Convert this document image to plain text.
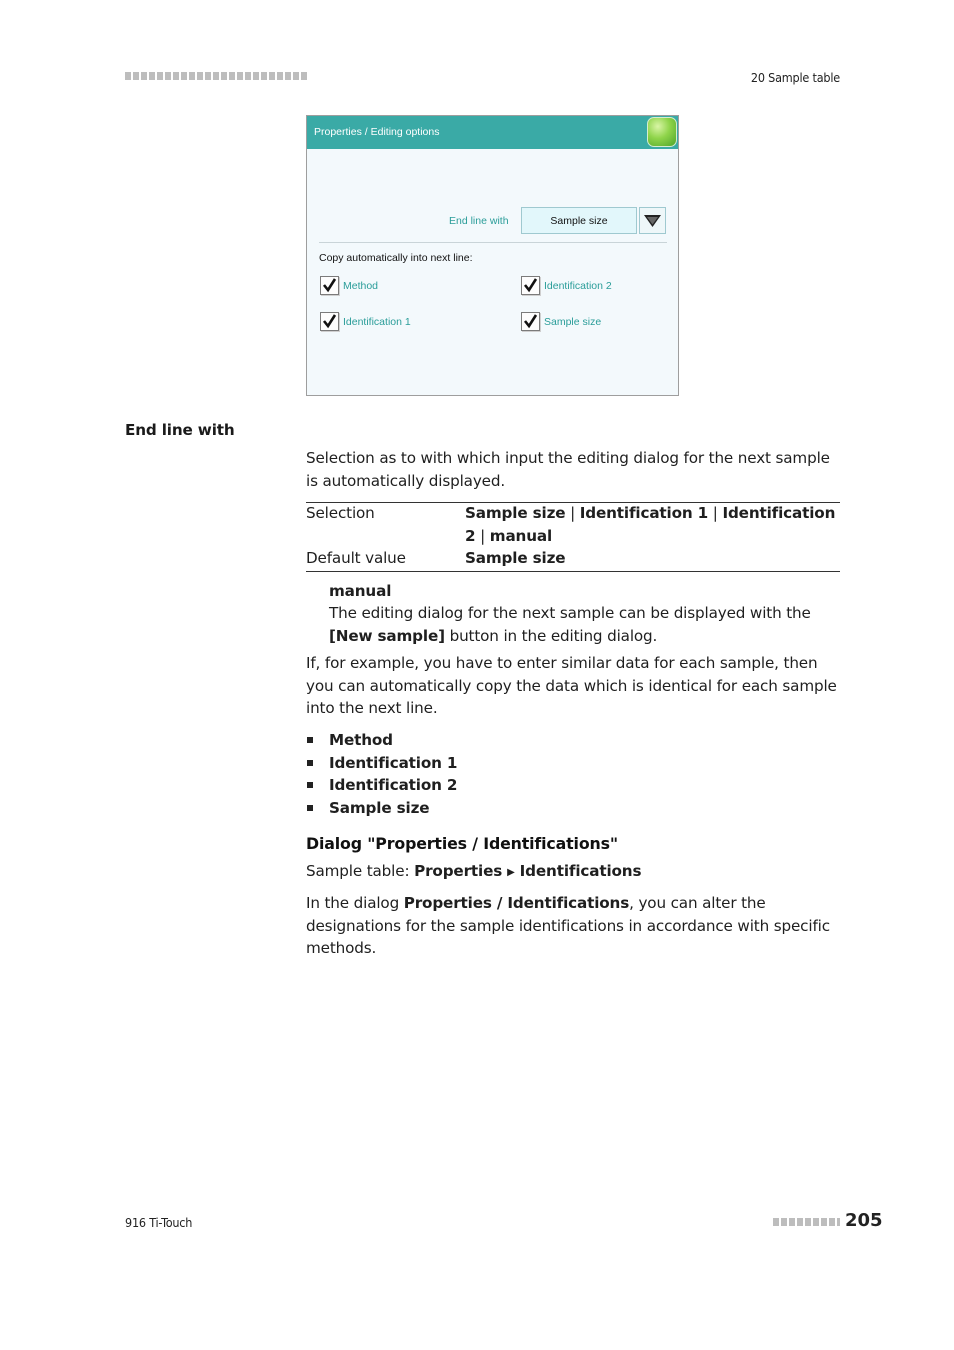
20 Sample table
Properties / Editing options
End line with	Sample size
Copy automatically into next line:
Method	Identification 2
Identification 1	Sample size
End line with
Selection as to with which input the editing dialog for the next sample is automatically displayed.
Selection	Sample size | Identification 1 | Identification 2 | manual
Default value	Sample size
manual
The editing dialog for the next sample can be displayed with the [New sample] button in the editing dialog.
If, for example, you have to enter similar data for each sample, then you can automatically copy the data which is identical for each sample into the next line.
Method
Identification 1
Identification 2
Sample size
Dialog "Properties / Identifications"
Sample table: Properties ▶ Identifications
In the dialog Properties / Identifications, you can alter the designations for the sample identifications in accordance with specific methods.
916 Ti-Touch	205
